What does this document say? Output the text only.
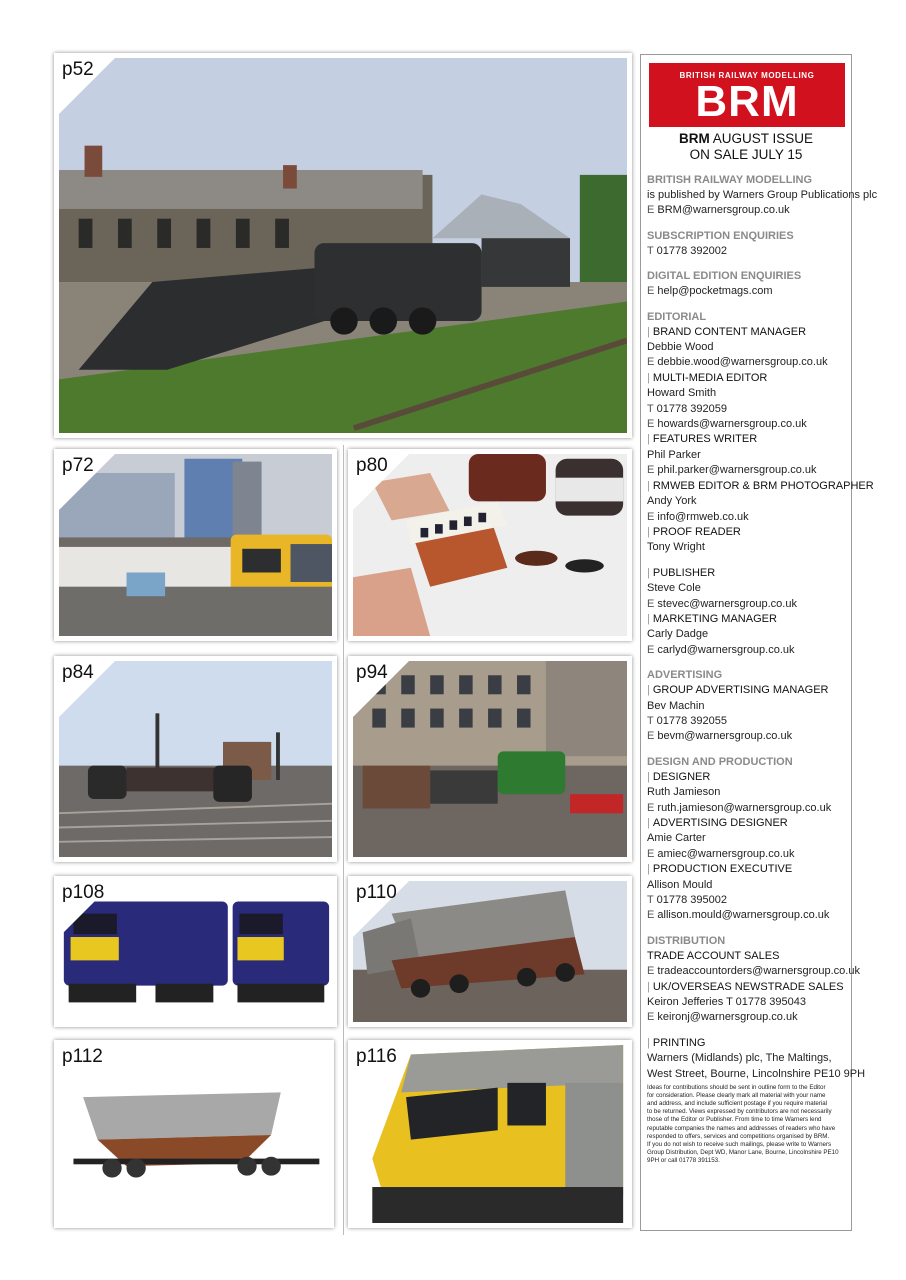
p52
p72	p80
p84	p94
p108	p110
p112	p116
BRITISH RAILWAY MODELLING
BRM
BRM AUGUST ISSUE
ON SALE JULY 15
BRITISH RAILWAY MODELLING
is published by Warners Group Publications plc
E BRM@warnersgroup.co.uk
SUBSCRIPTION ENQUIRIES
T 01778 392002
DIGITAL EDITION ENQUIRIES
E help@pocketmags.com
EDITORIAL
| BRAND CONTENT MANAGER
Debbie Wood
E debbie.wood@warnersgroup.co.uk
| MULTI-MEDIA EDITOR
Howard Smith
T 01778 392059
E howards@warnersgroup.co.uk
| FEATURES WRITER
Phil Parker
E phil.parker@warnersgroup.co.uk
| RMWEB EDITOR & BRM PHOTOGRAPHER
Andy York
E info@rmweb.co.uk
| PROOF READER
Tony Wright
| PUBLISHER
Steve Cole
E stevec@warnersgroup.co.uk
| MARKETING MANAGER
Carly Dadge
E carlyd@warnersgroup.co.uk
ADVERTISING
| GROUP ADVERTISING MANAGER
Bev Machin
T 01778 392055
E bevm@warnersgroup.co.uk
DESIGN AND PRODUCTION
| DESIGNER
Ruth Jamieson
E ruth.jamieson@warnersgroup.co.uk
| ADVERTISING DESIGNER
Amie Carter
E amiec@warnersgroup.co.uk
| PRODUCTION EXECUTIVE
Allison Mould
T 01778 395002
E allison.mould@warnersgroup.co.uk
DISTRIBUTION
TRADE ACCOUNT SALES
E tradeaccountorders@warnersgroup.co.uk
| UK/OVERSEAS NEWSTRADE SALES
Keiron Jefferies T 01778 395043
E keironj@warnersgroup.co.uk
| PRINTING
Warners (Midlands) plc, The Maltings,
West Street, Bourne, Lincolnshire PE10 9PH
Ideas for contributions should be sent in outline form to the Editor
for consideration. Please clearly mark all material with your name
and address, and include sufficient postage if you require material
to be returned. Views expressed by contributors are not necessarily
those of the Editor or Publisher. From time to time Warners lend
reputable companies the names and addresses of readers who have
responded to offers, services and competitions organised by BRM.
If you do not wish to receive such mailings, please write to Warners
Group Distribution, Dept WD, Manor Lane, Bourne, Lincolnshire PE10
9PH or call 01778 391153.
